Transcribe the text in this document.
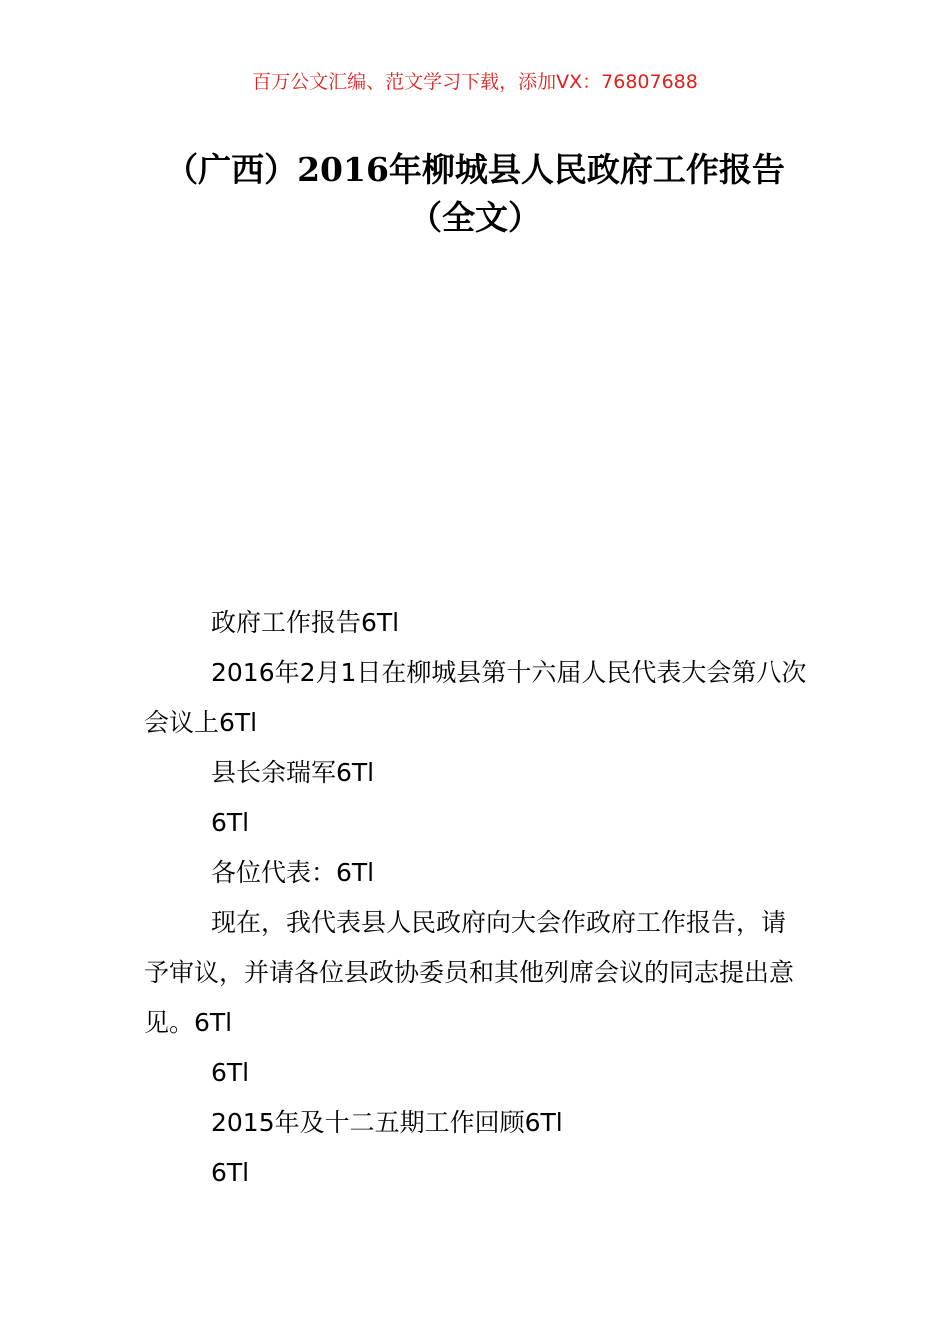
百万公文汇编、范文学习下载，添加VX：76807688
（广西）2016年柳城县人民政府工作报告
（全文）

政府工作报告6Tl

2016年2月1日在柳城县第十六届人民代表大会第八次会议上6Tl

县长余瑞军6Tl

6Tl

各位代表：6Tl

现在，我代表县人民政府向大会作政府工作报告，请予审议，并请各位县政协委员和其他列席会议的同志提出意见。6Tl

6Tl

2015年及十二五期工作回顾6Tl

6Tl
